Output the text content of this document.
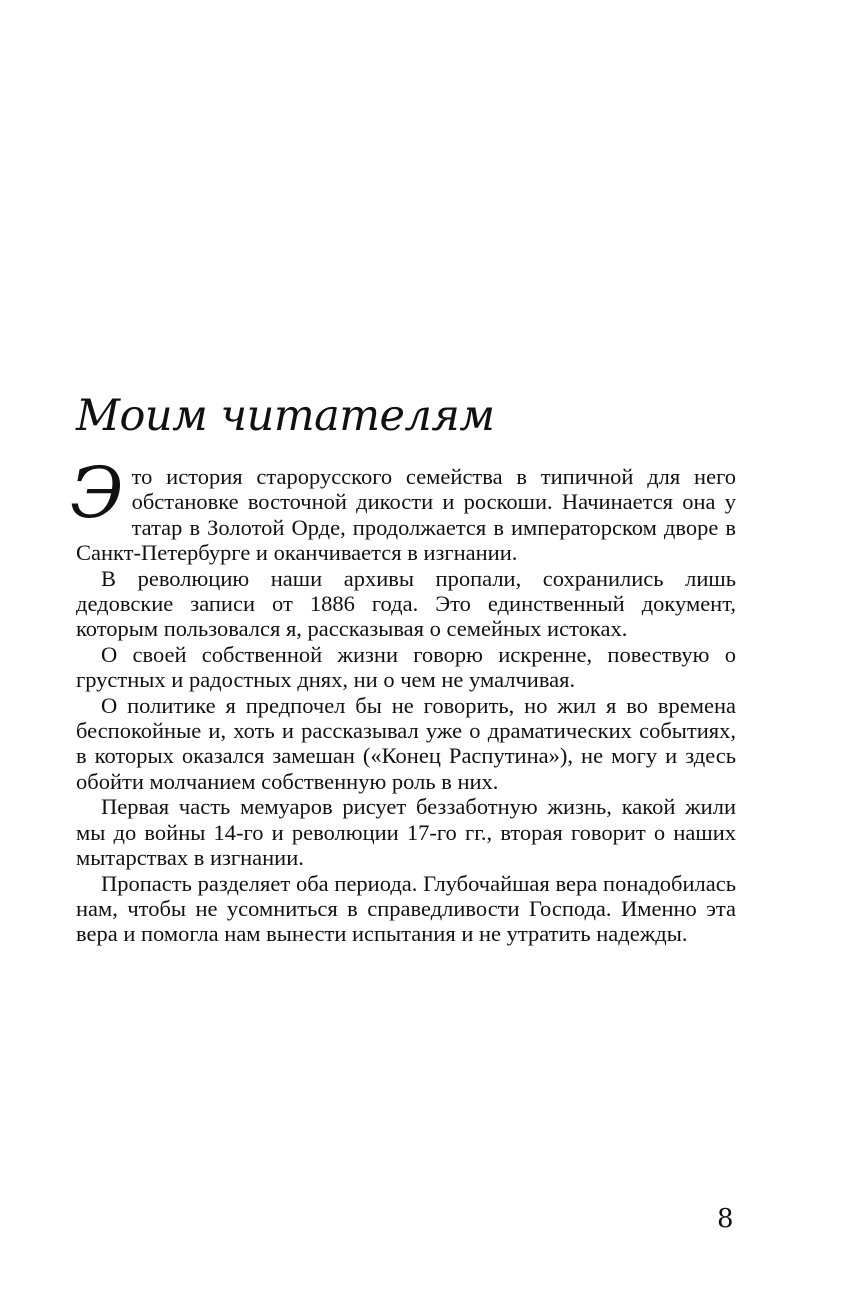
Моим читателям

Это история старорусского семейства в типичной для него обстановке восточной дикости и роскоши. Начинается она у татар в Золотой Орде, продолжается в императорском дворе в Санкт-Петербурге и оканчивается в изгнании.

В революцию наши архивы пропали, сохранились лишь дедовские записи от 1886 года. Это единственный документ, которым пользовался я, рассказывая о семейных истоках.

О своей собственной жизни говорю искренне, повествую о грустных и радостных днях, ни о чем не умалчивая.

О политике я предпочел бы не говорить, но жил я во времена беспокойные и, хоть и рассказывал уже о драматических событиях, в которых оказался замешан («Конец Распутина»), не могу и здесь обойти молчанием собственную роль в них.

Первая часть мемуаров рисует беззаботную жизнь, какой жили мы до войны 14-го и революции 17-го гг., вторая говорит о наших мытарствах в изгнании.

Пропасть разделяет оба периода. Глубочайшая вера понадобилась нам, чтобы не усомниться в справедливости Господа. Именно эта вера и помогла нам вынести испытания и не утратить надежды.

8
